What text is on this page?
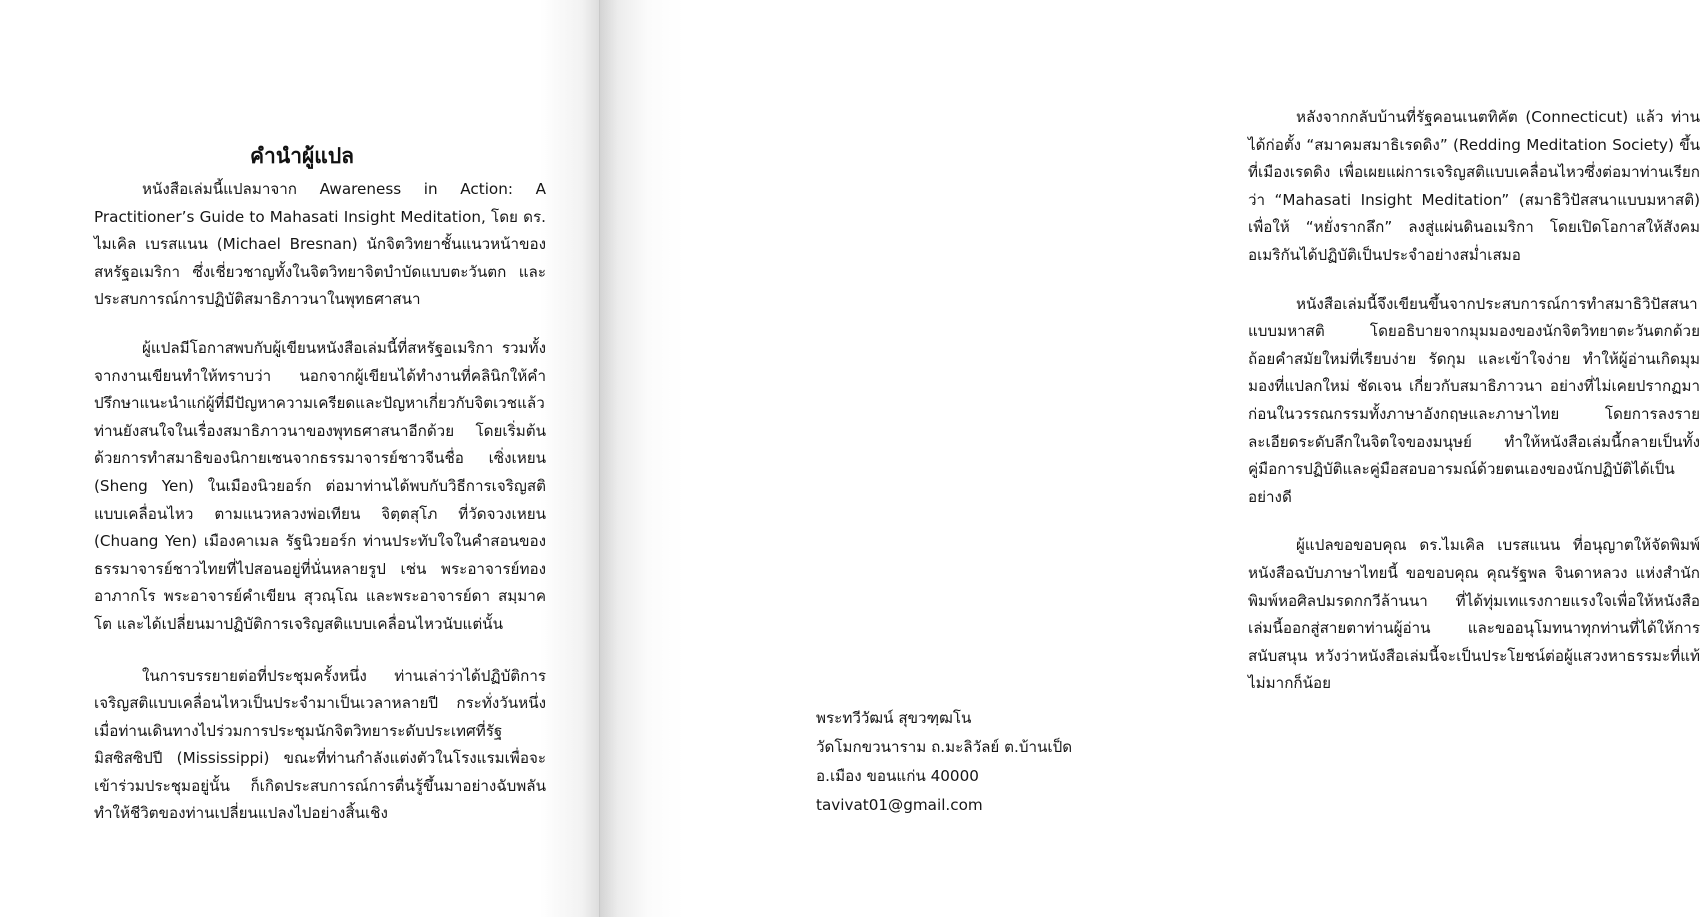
คำนำผู้แปล

หนังสือเล่มนี้แปลมาจาก Awareness in Action: A Practitioner’s Guide to Mahasati Insight Meditation, โดย ดร. ไมเคิล เบรสแนน (Michael Bresnan) นักจิตวิทยาชั้นแนวหน้าของสหรัฐอเมริกา ซึ่งเชี่ยวชาญทั้งในจิตวิทยาจิตบำบัดแบบตะวันตก และประสบการณ์การปฏิบัติสมาธิภาวนาในพุทธศาสนา

ผู้แปลมีโอกาสพบกับผู้เขียนหนังสือเล่มนี้ที่สหรัฐอเมริกา รวมทั้งจากงานเขียนทำให้ทราบว่า นอกจากผู้เขียนได้ทำงานที่คลินิกให้คำปรึกษาแนะนำแก่ผู้ที่มีปัญหาความเครียดและปัญหาเกี่ยวกับจิตเวชแล้ว ท่านยังสนใจในเรื่องสมาธิภาวนาของพุทธศาสนาอีกด้วย โดยเริ่มต้นด้วยการทำสมาธิของนิกายเซนจากธรรมาจารย์ชาวจีนชื่อ เซิ่งเหยน (Sheng Yen) ในเมืองนิวยอร์ก ต่อมาท่านได้พบกับวิธีการเจริญสติแบบเคลื่อนไหว ตามแนวหลวงพ่อเทียน จิตฺตสุโภ ที่วัดจวงเหยน (Chuang Yen) เมืองคาเมล รัฐนิวยอร์ก ท่านประทับใจในคำสอนของธรรมาจารย์ชาวไทยที่ไปสอนอยู่ที่นั่นหลายรูป เช่น พระอาจารย์ทอง อาภากโร พระอาจารย์คำเขียน สุวณฺโณ และพระอาจารย์ดา สมฺมาคโต และได้เปลี่ยนมาปฏิบัติการเจริญสติแบบเคลื่อนไหวนับแต่นั้น

ในการบรรยายต่อที่ประชุมครั้งหนึ่ง ท่านเล่าว่าได้ปฏิบัติการเจริญสติแบบเคลื่อนไหวเป็นประจำมาเป็นเวลาหลายปี กระทั่งวันหนึ่งเมื่อท่านเดินทางไปร่วมการประชุมนักจิตวิทยาระดับประเทศที่รัฐมิสซิสซิปปี (Mississippi) ขณะที่ท่านกำลังแต่งตัวในโรงแรมเพื่อจะเข้าร่วมประชุมอยู่นั้น ก็เกิดประสบการณ์การตื่นรู้ขึ้นมาอย่างฉับพลัน ทำให้ชีวิตของท่านเปลี่ยนแปลงไปอย่างสิ้นเชิง

หลังจากกลับบ้านที่รัฐคอนเนตทิคัต (Connecticut) แล้ว ท่านได้ก่อตั้ง “สมาคมสมาธิเรดดิง” (Redding Meditation Society) ขึ้นที่เมืองเรดดิง เพื่อเผยแผ่การเจริญสติแบบเคลื่อนไหวซึ่งต่อมาท่านเรียกว่า “Mahasati Insight Meditation” (สมาธิวิปัสสนาแบบมหาสติ) เพื่อให้ “หยั่งรากลึก” ลงสู่แผ่นดินอเมริกา โดยเปิดโอกาสให้สังคมอเมริกันได้ปฏิบัติเป็นประจำอย่างสม่ำเสมอ

หนังสือเล่มนี้จึงเขียนขึ้นจากประสบการณ์การทำสมาธิวิปัสสนาแบบมหาสติ โดยอธิบายจากมุมมองของนักจิตวิทยาตะวันตกด้วยถ้อยคำสมัยใหม่ที่เรียบง่าย รัดกุม และเข้าใจง่าย ทำให้ผู้อ่านเกิดมุมมองที่แปลกใหม่ ชัดเจน เกี่ยวกับสมาธิภาวนา อย่างที่ไม่เคยปรากฏมาก่อนในวรรณกรรมทั้งภาษาอังกฤษและภาษาไทย โดยการลงรายละเอียดระดับลึกในจิตใจของมนุษย์ ทำให้หนังสือเล่มนี้กลายเป็นทั้งคู่มือการปฏิบัติและคู่มือสอบอารมณ์ด้วยตนเองของนักปฏิบัติได้เป็นอย่างดี

ผู้แปลขอขอบคุณ ดร.ไมเคิล เบรสแนน ที่อนุญาตให้จัดพิมพ์หนังสือฉบับภาษาไทยนี้ ขอขอบคุณ คุณรัฐพล จินดาหลวง แห่งสำนักพิมพ์หอศิลปมรดกกวีล้านนา ที่ได้ทุ่มเทแรงกายแรงใจเพื่อให้หนังสือเล่มนี้ออกสู่สายตาท่านผู้อ่าน และขออนุโมทนาทุกท่านที่ได้ให้การสนับสนุน หวังว่าหนังสือเล่มนี้จะเป็นประโยชน์ต่อผู้แสวงหาธรรมะที่แท้ไม่มากก็น้อย

พระทวีวัฒน์ สุขวฑฺฒโน
วัดโมกขวนาราม ถ.มะลิวัลย์ ต.บ้านเป็ด
อ.เมือง ขอนแก่น 40000
tavivat01@gmail.com
